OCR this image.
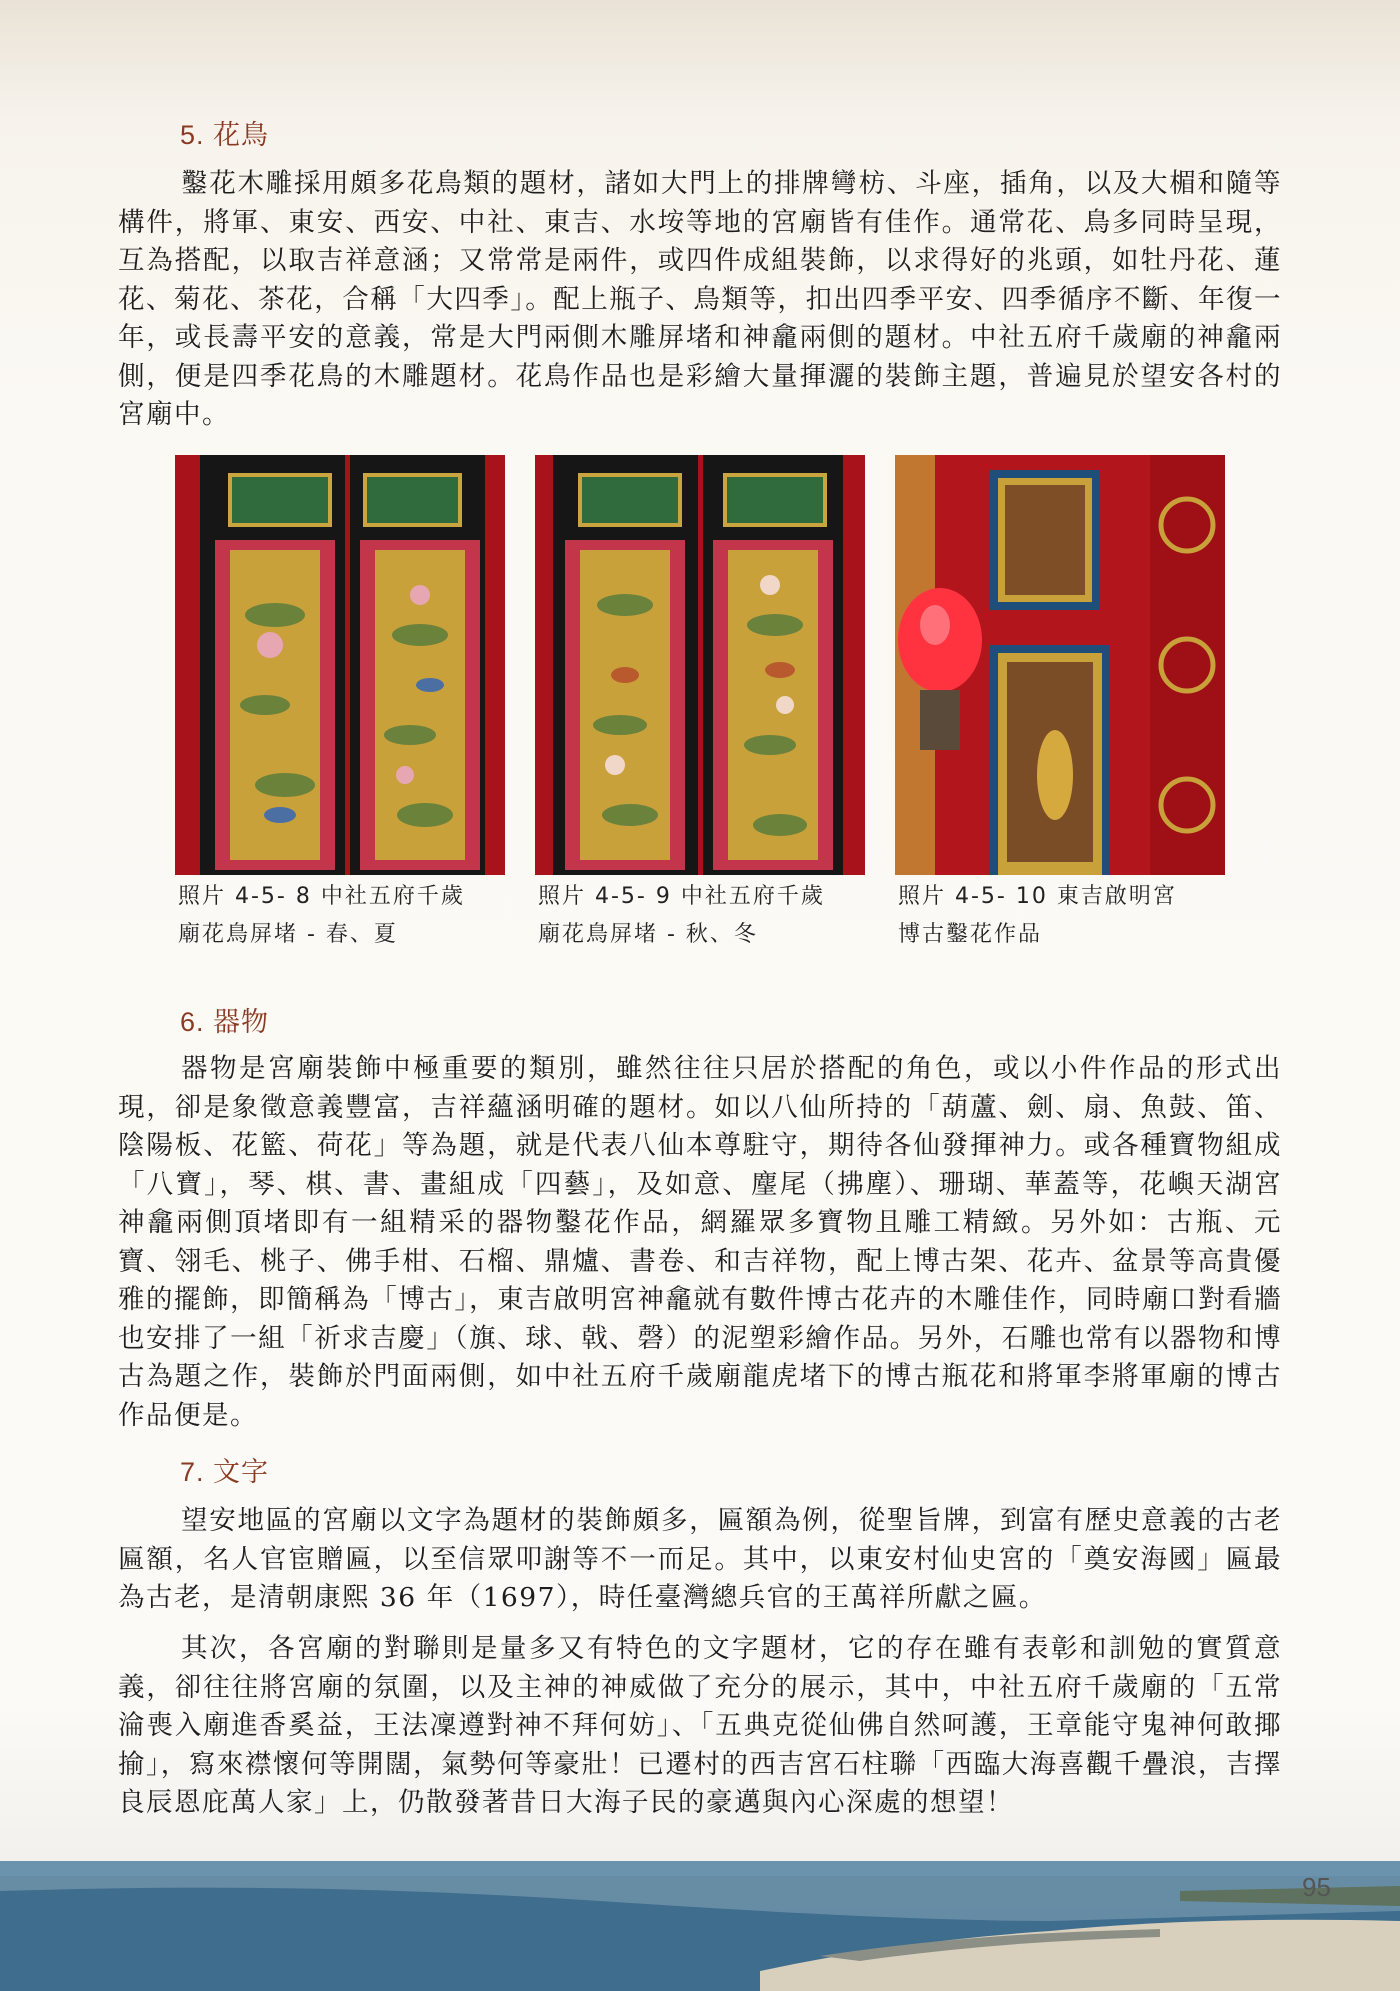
5. 花鳥

鑿花木雕採用頗多花鳥類的題材，諸如大門上的排牌彎枋、斗座，插角，以及大楣和隨等構件，將軍、東安、西安、中社、東吉、水垵等地的宮廟皆有佳作。通常花、鳥多同時呈現，互為搭配，以取吉祥意涵；又常常是兩件，或四件成組裝飾，以求得好的兆頭，如牡丹花、蓮花、菊花、茶花，合稱「大四季」。配上瓶子、鳥類等，扣出四季平安、四季循序不斷、年復一年，或長壽平安的意義，常是大門兩側木雕屏堵和神龕兩側的題材。中社五府千歲廟的神龕兩側，便是四季花鳥的木雕題材。花鳥作品也是彩繪大量揮灑的裝飾主題，普遍見於望安各村的宮廟中。

照片 4-5- 8 中社五府千歲
廟花鳥屏堵 - 春、夏
照片 4-5- 9 中社五府千歲
廟花鳥屏堵 - 秋、冬
照片 4-5- 10 東吉啟明宮
博古鑿花作品
6. 器物

器物是宮廟裝飾中極重要的類別，雖然往往只居於搭配的角色，或以小件作品的形式出現，卻是象徵意義豐富，吉祥蘊涵明確的題材。如以八仙所持的「葫蘆、劍、扇、魚鼓、笛、陰陽板、花籃、荷花」等為題，就是代表八仙本尊駐守，期待各仙發揮神力。或各種寶物組成「八寶」，琴、棋、書、畫組成「四藝」，及如意、麈尾（拂塵）、珊瑚、華蓋等，花嶼天湖宮神龕兩側頂堵即有一組精采的器物鑿花作品，網羅眾多寶物且雕工精緻。另外如：古瓶、元寶、翎毛、桃子、佛手柑、石榴、鼎爐、書卷、和吉祥物，配上博古架、花卉、盆景等高貴優雅的擺飾，即簡稱為「博古」，東吉啟明宮神龕就有數件博古花卉的木雕佳作，同時廟口對看牆也安排了一組「祈求吉慶」（旗、球、戟、磬）的泥塑彩繪作品。另外，石雕也常有以器物和博古為題之作，裝飾於門面兩側，如中社五府千歲廟龍虎堵下的博古瓶花和將軍李將軍廟的博古作品便是。

7. 文字

望安地區的宮廟以文字為題材的裝飾頗多，匾額為例，從聖旨牌，到富有歷史意義的古老匾額，名人官宦贈匾，以至信眾叩謝等不一而足。其中，以東安村仙史宮的「奠安海國」匾最為古老，是清朝康熙 36 年（1697），時任臺灣總兵官的王萬祥所獻之匾。

其次，各宮廟的對聯則是量多又有特色的文字題材，它的存在雖有表彰和訓勉的實質意義，卻往往將宮廟的氛圍，以及主神的神威做了充分的展示，其中，中社五府千歲廟的「五常淪喪入廟進香奚益，王法凜遵對神不拜何妨」、「五典克從仙佛自然呵護，王章能守鬼神何敢揶揄」，寫來襟懷何等開闊，氣勢何等豪壯！已遷村的西吉宮石柱聯「西臨大海喜觀千疊浪，吉擇良辰恩庇萬人家」上，仍散發著昔日大海子民的豪邁與內心深處的想望！

95
